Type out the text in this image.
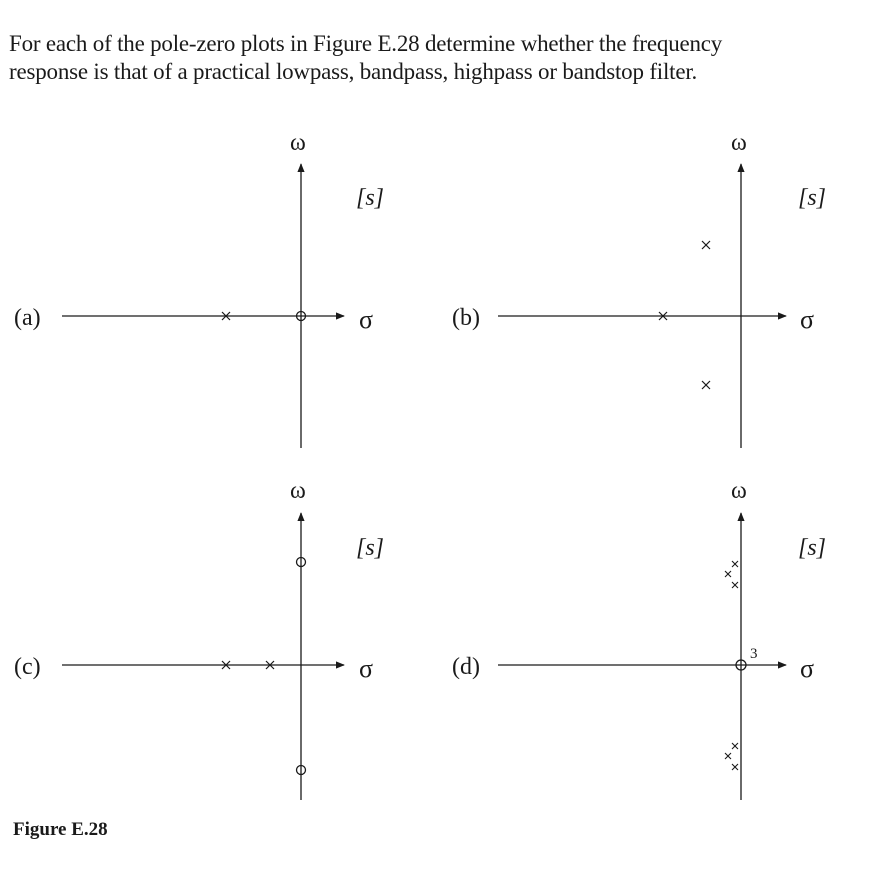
For each of the pole-zero plots in Figure E.28 determine whether the frequency
response is that of a practical lowpass, bandpass, highpass or bandstop filter.

(a)
ω
σ
[s]
(b)
ω
σ
[s]
(c)
ω
σ
[s]
(d)
ω
σ
[s]
3

Figure E.28
